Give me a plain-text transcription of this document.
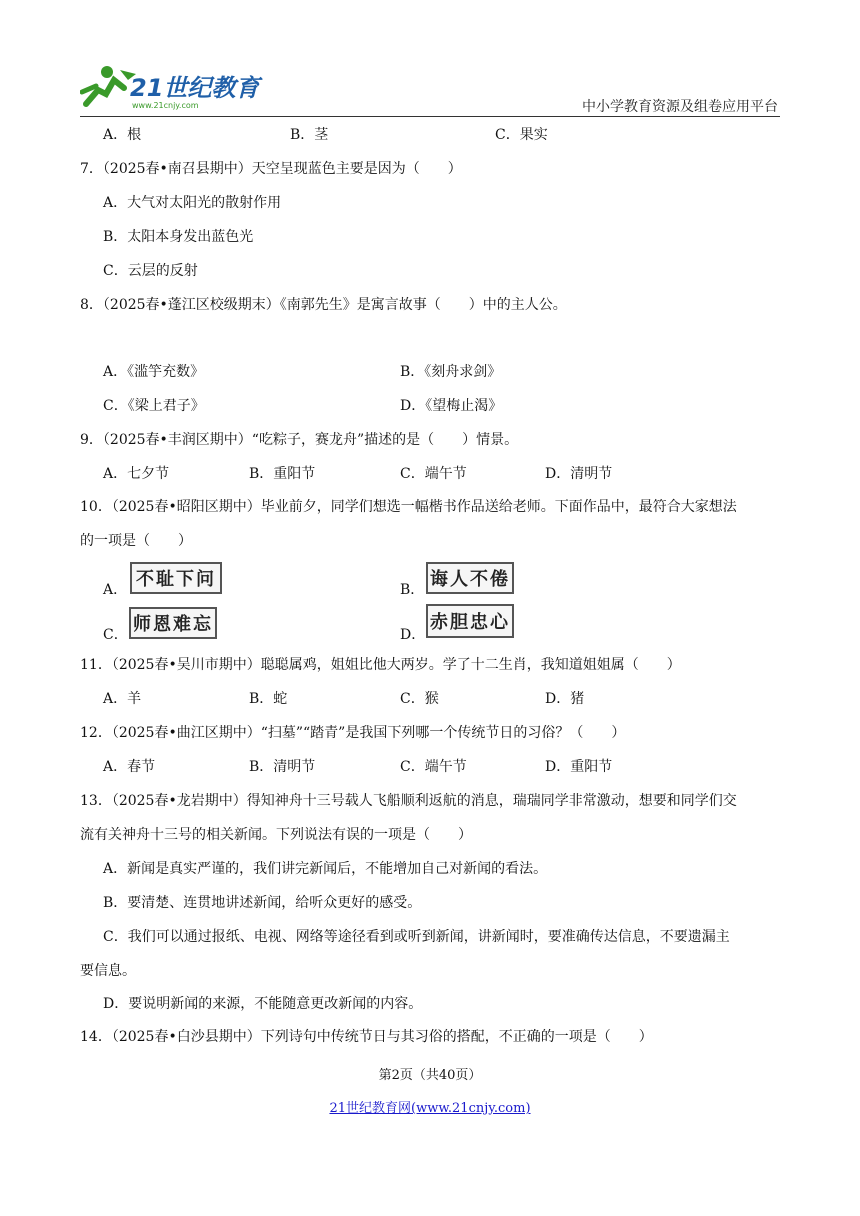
21世纪教育
www.21cnjy.com	中小学教育资源及组卷应用平台
A．根	B．茎	C．果实
7．（2025春•南召县期中）天空呈现蓝色主要是因为（　　）
A．大气对太阳光的散射作用
B．太阳本身发出蓝色光
C．云层的反射
8．（2025春•蓬江区校级期末）《南郭先生》是寓言故事（　　）中的主人公。
A．《滥竽充数》	B．《刻舟求剑》
C．《梁上君子》	D．《望梅止渴》
9．（2025春•丰润区期中）“吃粽子，赛龙舟”描述的是（　　）情景。
A．七夕节	B．重阳节	C．端午节	D．清明节
10．（2025春•昭阳区期中）毕业前夕，同学们想选一幅楷书作品送给老师。下面作品中，最符合大家想法
的一项是（　　）
A． 不耻下问	B． 诲人不倦
C． 师恩难忘	D．
赤胆忠心
11．（2025春•吴川市期中）聪聪属鸡，姐姐比他大两岁。学了十二生肖，我知道姐姐属（　　）
A．羊	B．蛇	C．猴	D．猪
12．（2025春•曲江区期中）“扫墓”“踏青”是我国下列哪一个传统节日的习俗？（　　）
A．春节	B．清明节	C．端午节	D．重阳节
13．（2025春•龙岩期中）得知神舟十三号载人飞船顺利返航的消息，瑞瑞同学非常激动，想要和同学们交
流有关神舟十三号的相关新闻。下列说法有误的一项是（　　）
A．新闻是真实严谨的，我们讲完新闻后，不能增加自己对新闻的看法。
B．要清楚、连贯地讲述新闻，给听众更好的感受。
C．我们可以通过报纸、电视、网络等途径看到或听到新闻，讲新闻时，要准确传达信息，不要遗漏主
要信息。
D．要说明新闻的来源，不能随意更改新闻的内容。
14．（2025春•白沙县期中）下列诗句中传统节日与其习俗的搭配，不正确的一项是（　　）
第2页（共40页）
21世纪教育网(www.21cnjy.com)
